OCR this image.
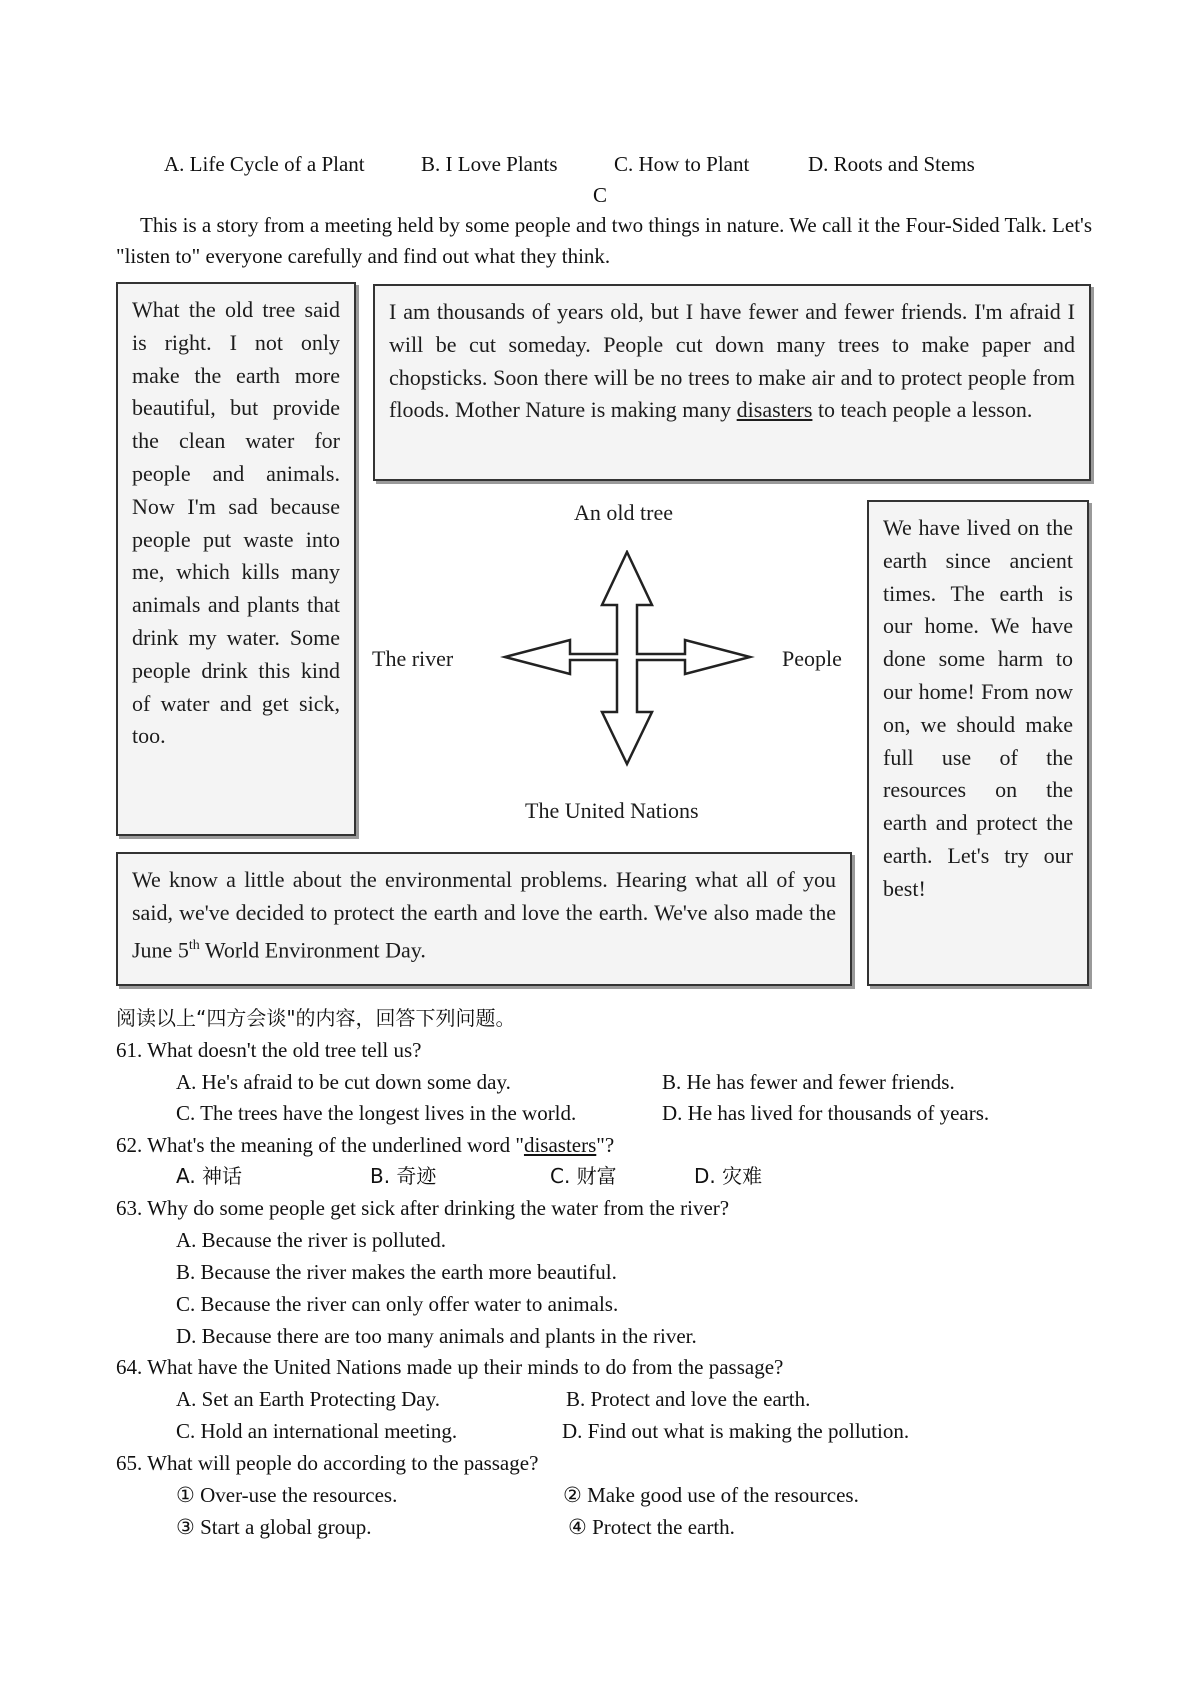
A. Life Cycle of a Plant	B. I Love Plants	C. How to Plant	D. Roots and Stems
C
This is a story from a meeting held by some people and two things in nature. We call it the Four-Sided Talk. Let's "listen to" everyone carefully and find out what they think.
What the old tree said is right. I not only make the earth more beautiful, but provide the clean water for people and animals. Now I'm sad because people put waste into me, which kills many animals and plants that drink my water. Some people drink this kind of water and get sick, too.
I am thousands of years old, but I have fewer and fewer friends. I'm afraid I will be cut someday. People cut down many trees to make paper and chopsticks. Soon there will be no trees to make air and to protect people from floods. Mother Nature is making many disasters to teach people a lesson.
We have lived on the earth since ancient times. The earth is our home. We have done some harm to our home! From now on, we should make full use of the resources on the earth and protect the earth. Let's try our best!
We know a little about the environmental problems. Hearing what all of you said, we've decided to protect the earth and love the earth. We've also made the June 5th World Environment Day.
An old tree
The river	People
The United Nations
阅读以上“四方会谈"的内容，回答下列问题。
61. What doesn't the old tree tell us?
A. He's afraid to be cut down some day.	B. He has fewer and fewer friends.
C. The trees have the longest lives in the world.	D. He has lived for thousands of years.
62. What's the meaning of the underlined word "disasters"?
A. 神话	B. 奇迹	C. 财富	D. 灾难
63. Why do some people get sick after drinking the water from the river?
A. Because the river is polluted.
B. Because the river makes the earth more beautiful.
C. Because the river can only offer water to animals.
D. Because there are too many animals and plants in the river.
64. What have the United Nations made up their minds to do from the passage?
A. Set an Earth Protecting Day.	B. Protect and love the earth.
C. Hold an international meeting.	D. Find out what is making the pollution.
65. What will people do according to the passage?
① Over-use the resources.	② Make good use of the resources.
③ Start a global group.	④ Protect the earth.
